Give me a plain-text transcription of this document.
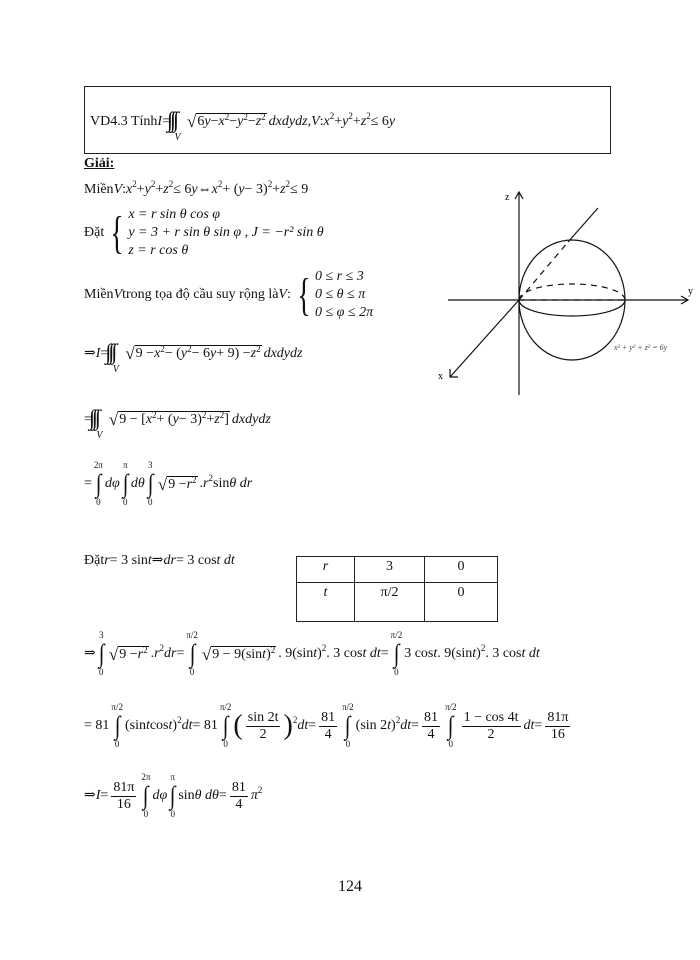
VD4.3 Tính I =
V
√ 6 y − x 2 − y 2 − z 2 dxdydz , V : x 2 + y 2 + z 2 ≤ 6 y
Giải:
Miền V : x 2 + y 2 + z 2 ≤ 6 y ⇔ x 2 + ( y − 3) 2 + z 2 ≤ 9
Đặt { x = r sin θ cos φ
y = 3 + r sin θ sin φ , J = −r² sin θ
z = r cos θ
Miền V trong tọa độ cầu suy rộng là V : { 0 ≤ r ≤ 3
0 ≤ θ ≤ π
0 ≤ φ ≤ 2π
⇒ I =
V
√ 9 − x 2 − ( y 2 − 6 y + 9) − z 2 dxdydz
=
V
√ 9 − [ x 2 + ( y − 3) 2 + z 2 ] dxdydz
=
2π
∫
0
dφ
π
∫
0
dθ
3
∫
0
√ 9 − r 2 . r 2 sin θ dr
Đặt r = 3 sin t ⇒ dr = 3 cos t dt	r	3	0
t	π/2	0
⇒
3
∫
0
√ 9 − r 2 . r 2 dr =
π/2
∫
0
√ 9 − 9(sin t ) 2 . 9(sin t ) 2 . 3 cos t dt =
π/2
∫
0
3 cos t . 9(sin t ) 2 . 3 cos t dt
= 81
π/2
∫
0
(sin t cos t ) 2 dt = 81
π/2
∫
0
( $\frac{\sin 2t}{2}$ ) 2 dt = $\frac{81}{4}$
π/2
∫
0
(sin 2 t ) 2 dt = $\frac{81}{4}$
π/2
∫
0
$\frac{1 - \cos 4t}{2}$ dt = $\frac{81\pi}{16}$
⇒ $I = \frac{81\pi}{16}$
2π
∫
0
dφ
π
∫
0
sin θ $d\theta = \frac{81}{4}$ π 2
z
y
x
x² + y² + z² = 6y
124
